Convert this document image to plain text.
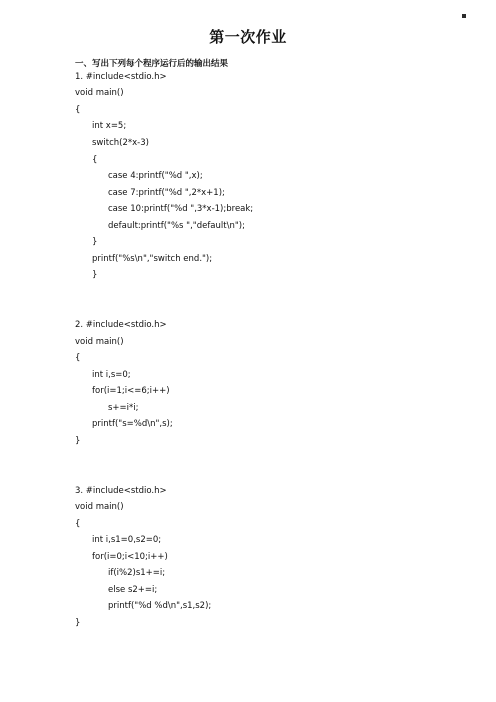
第一次作业
一、写出下列每个程序运行后的输出结果
1. #include<stdio.h>
void main()
{
int x=5;
switch(2*x-3)
{
case 4:printf("%d ",x);
case 7:printf("%d ",2*x+1);
case 10:printf("%d ",3*x-1);break;
default:printf("%s ","default\n");
}
printf("%s\n","switch end.");
}
2. #include<stdio.h>
void main()
{
int i,s=0;
for(i=1;i<=6;i++)
s+=i*i;
printf("s=%d\n",s);
}
3. #include<stdio.h>
void main()
{
int i,s1=0,s2=0;
for(i=0;i<10;i++)
if(i%2)s1+=i;
else s2+=i;
printf("%d %d\n",s1,s2);
}
